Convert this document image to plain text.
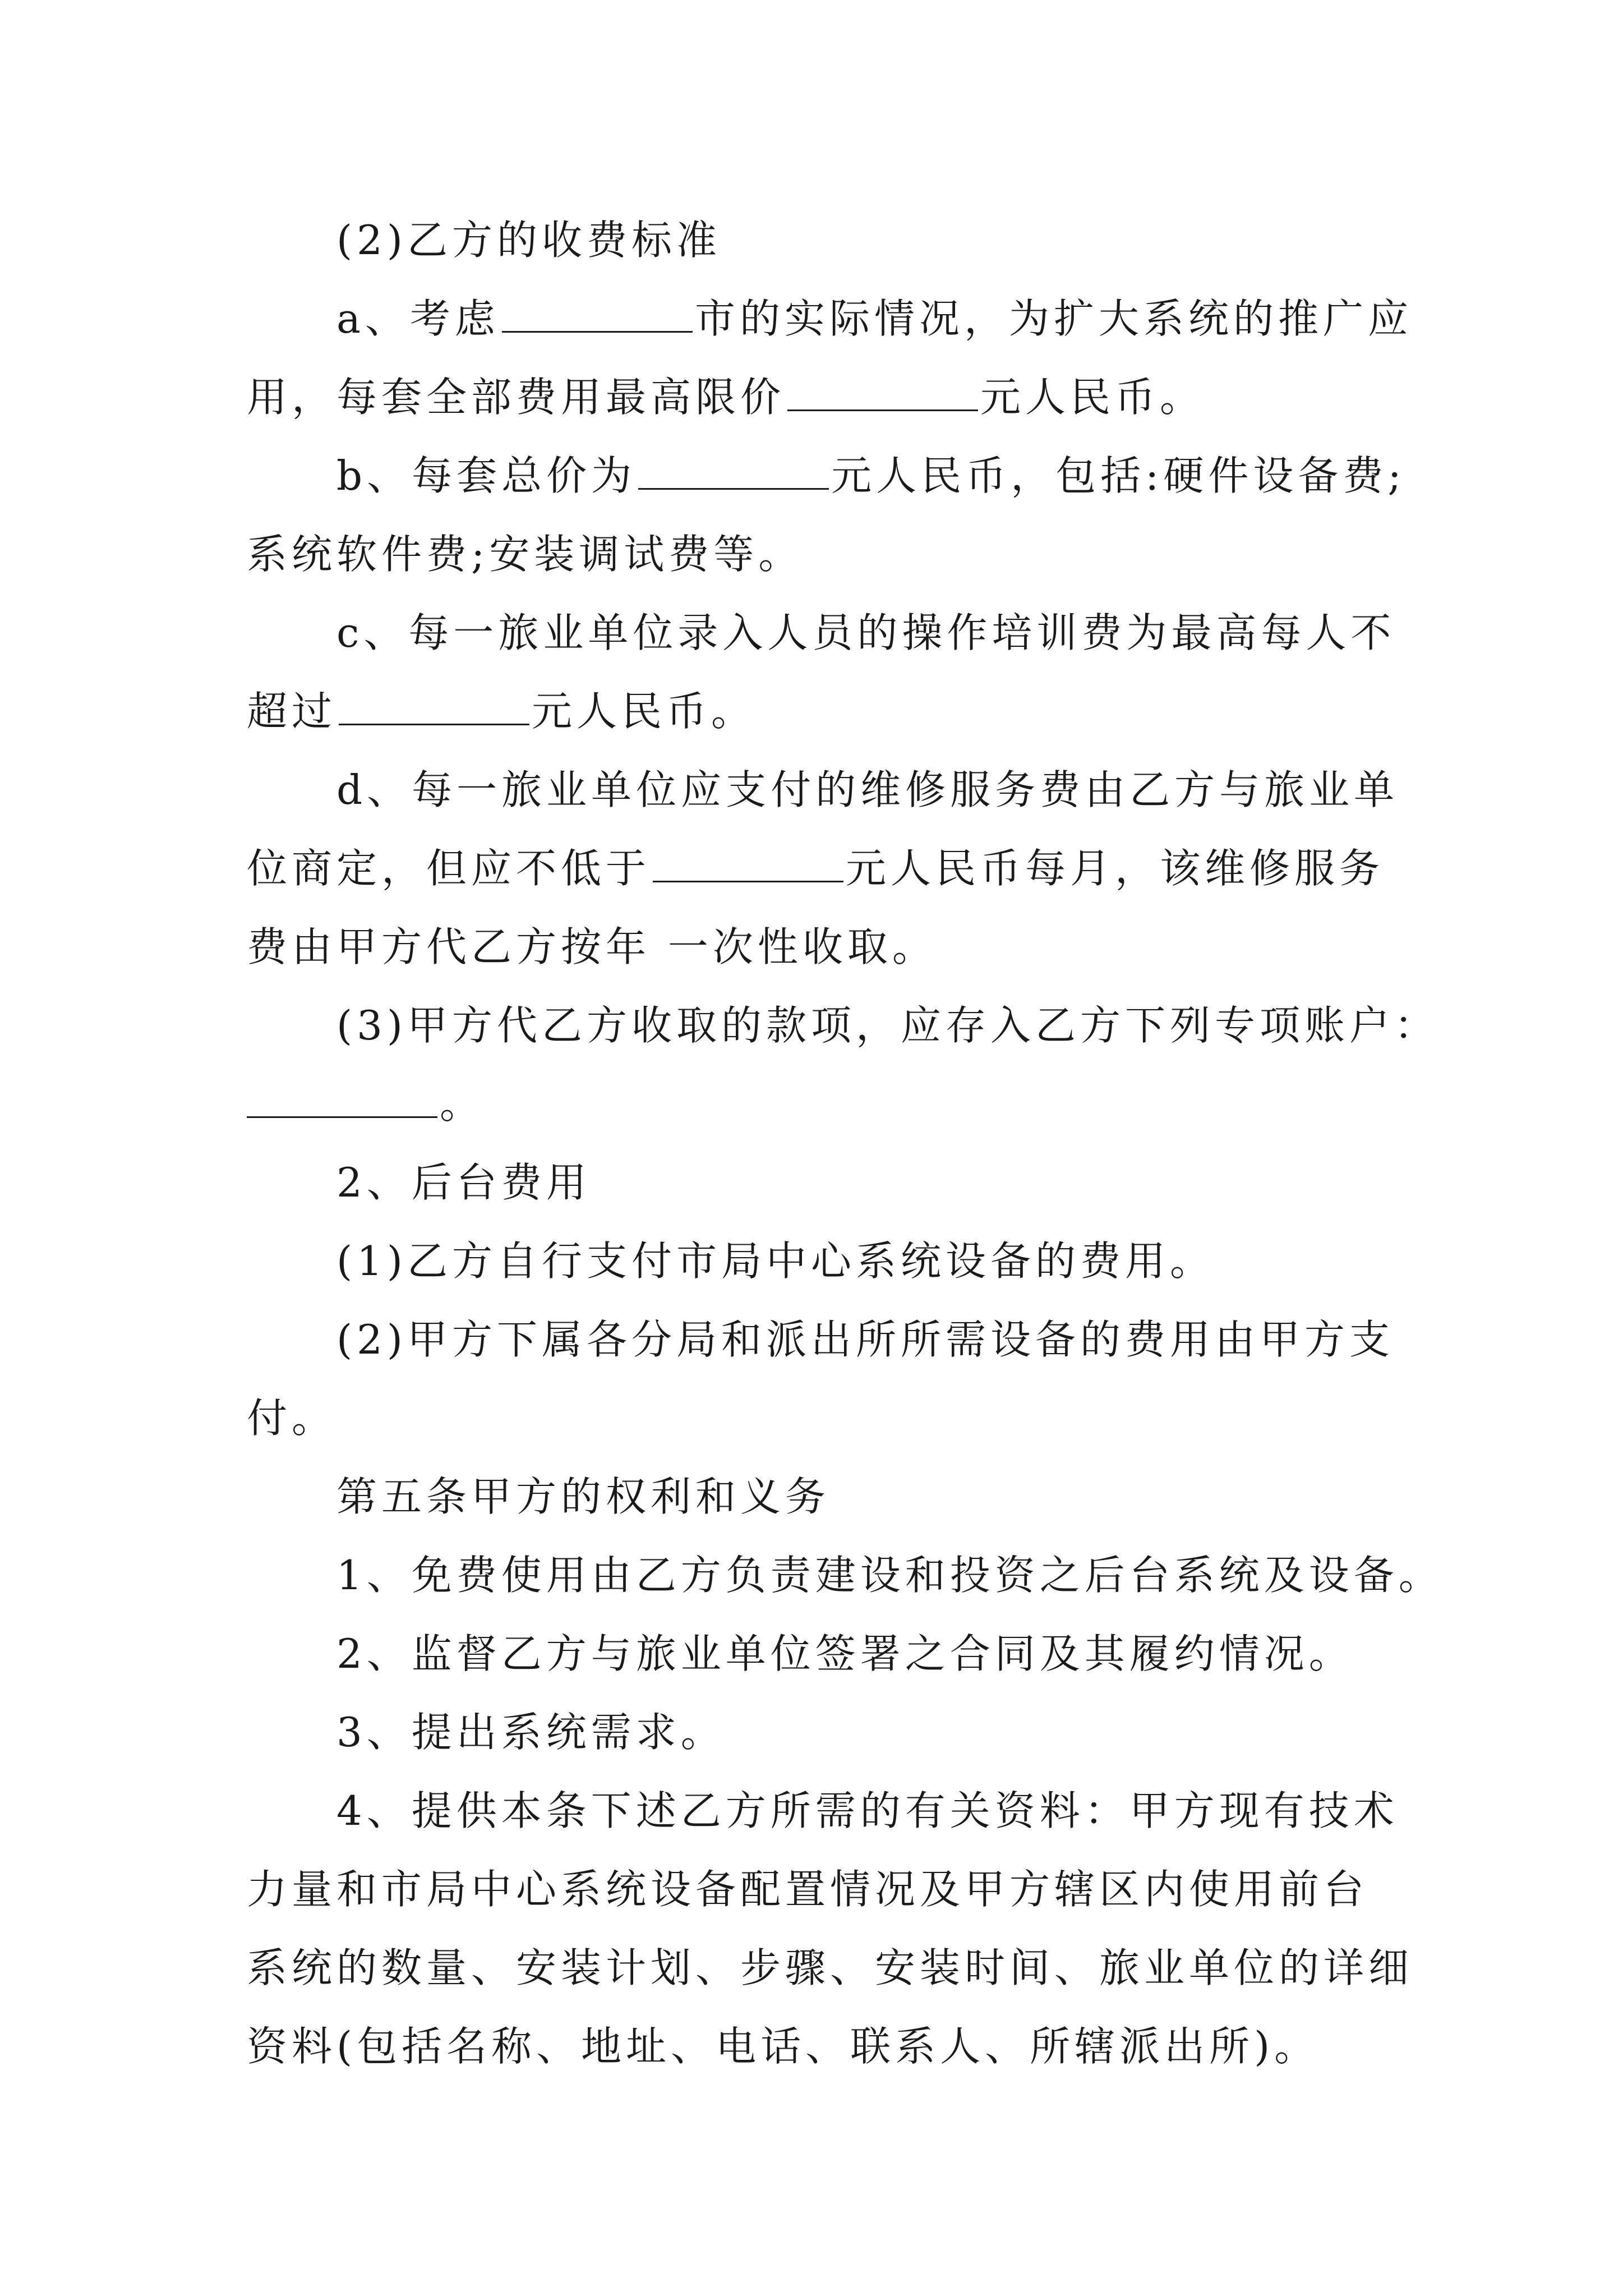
(2)乙方的收费标准
a、考虑	市的实际情况，为扩大系统的推广应
用，每套全部费用最高限价	元人民币。
b、每套总价为	元人民币，包括:硬件设备费;
系统软件费;安装调试费等。
c、每一旅业单位录入人员的操作培训费为最高每人不
超过	元人民币。
d、每一旅业单位应支付的维修服务费由乙方与旅业单
位商定，但应不低于	元人民币每月，该维修服务
费由甲方代乙方按年 一次性收取。
(3)甲方代乙方收取的款项，应存入乙方下列专项账户：
。
2、后台费用
(1)乙方自行支付市局中心系统设备的费用。
(2)甲方下属各分局和派出所所需设备的费用由甲方支
付。
第五条甲方的权利和义务
1、免费使用由乙方负责建设和投资之后台系统及设备。
2、监督乙方与旅业单位签署之合同及其履约情况。
3、提出系统需求。
4、提供本条下述乙方所需的有关资料：甲方现有技术
力量和市局中心系统设备配置情况及甲方辖区内使用前台
系统的数量、安装计划、步骤、安装时间、旅业单位的详细
资料(包括名称、地址、电话、联系人、所辖派出所)。
